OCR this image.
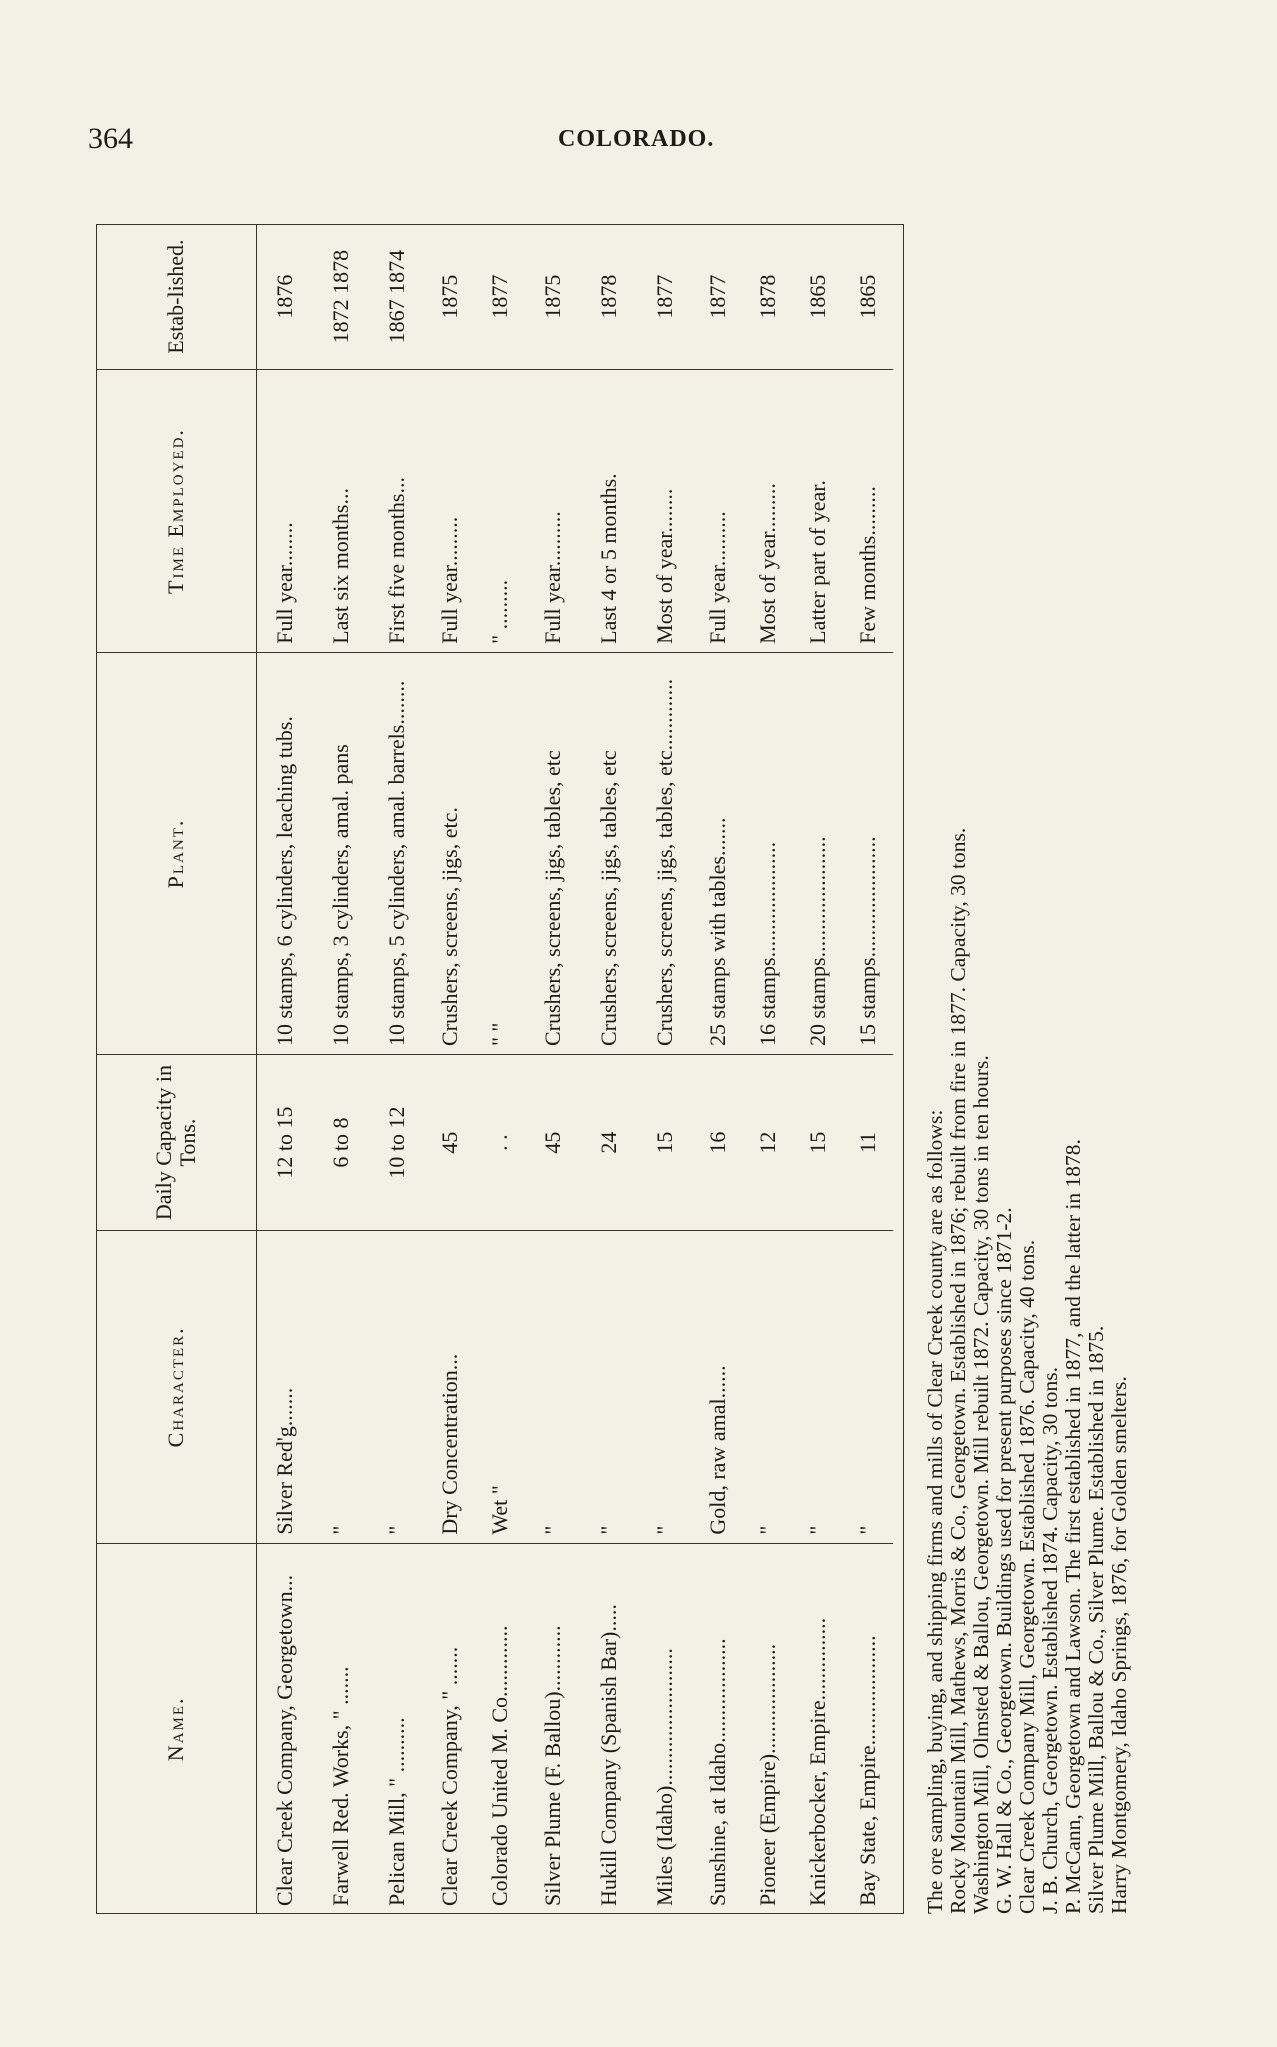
364	COLORADO.
Name.	Character.	Daily Capacity in Tons.	Plant.	Time Employed.	Estab-lished.
Clear Creek Company, Georgetown...	Silver Red'g.......	12 to 15	10 stamps, 6 cylinders, leaching tubs.	Full year........	1876
Farwell Red. Works, " .......	"	6 to 8	10 stamps, 3 cylinders, amal. pans	Last six months...	1872 1878
Pelican Mill, " ..........	"	10 to 12	10 stamps, 5 cylinders, amal. barrels........	First five months...	1867 1874
Clear Creek Company, " .......	Dry Concentration...	45	Crushers, screens, jigs, etc.	Full year.........	1875
Colorado United M. Co.............	Wet "	. .	" "	" .........	1877
Silver Plume (F. Ballou)............	"	45	Crushers, screens, jigs, tables, etc	Full year..........	1875
Hukill Company (Spanish Bar).....	"	24	Crushers, screens, jigs, tables, etc	Last 4 or 5 months.	1878
Miles (Idaho).........................	"	15	Crushers, screens, jigs, tables, etc.............	Most of year........	1877
Sunshine, at Idaho...................	Gold, raw amal......	16	25 stamps with tables.......	Full year..........	1877
Pioneer (Empire)....................	"	12	16 stamps.....................	Most of year.........	1878
Knickerbocker, Empire...............	"	15	20 stamps......................	Latter part of year.	1865
Bay State, Empire....................	"	11	15 stamps......................	Few months.........	1865
The ore sampling, buying, and shipping firms and mills of Clear Creek county are as follows: Rocky Mountain Mill, Mathews, Morris & Co., Georgetown. Established in 1876; rebuilt from fire in 1877. Capacity, 30 tons. Washington Mill, Olmsted & Ballou, Georgetown. Mill rebuilt 1872. Capacity, 30 tons in ten hours. G. W. Hall & Co., Georgetown. Buildings used for present purposes since 1871-2. Clear Creek Company Mill, Georgetown. Established 1876. Capacity, 40 tons. J. B. Church, Georgetown. Established 1874. Capacity, 30 tons. P. McCann, Georgetown and Lawson. The first established in 1877, and the latter in 1878. Silver Plume Mill, Ballou & Co., Silver Plume. Established in 1875. Harry Montgomery, Idaho Springs, 1876, for Golden smelters.
